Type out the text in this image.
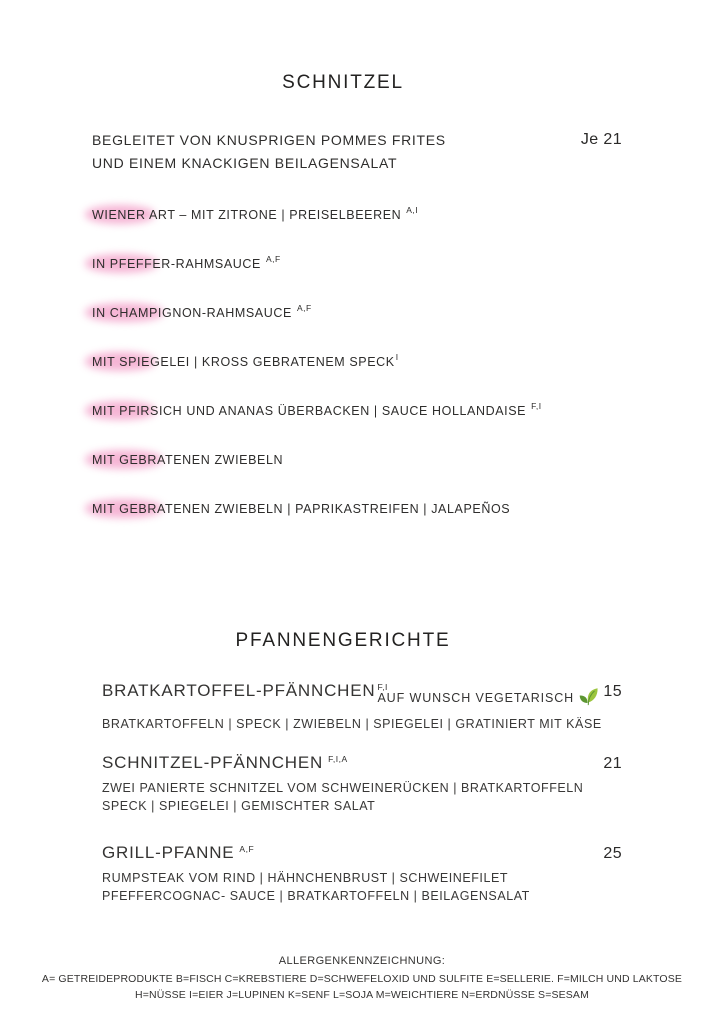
SCHNITZEL
BEGLEITET VON KNUSPRIGEN POMMES FRITES
UND EINEM KNACKIGEN BEILAGENSALAT
Je 21
WIENER ART – MIT ZITRONE | PREISELBEEREN A,I
IN PFEFFER-RAHMSAUCE A,F
IN CHAMPIGNON-RAHMSAUCE A,F
MIT SPIEGELEI | KROSS GEBRATENEM SPECKI
MIT PFIRSICH UND ANANAS ÜBERBACKEN | SAUCE HOLLANDAISE F,I
MIT GEBRATENEN ZWIEBELN
MIT GEBRATENEN ZWIEBELN | PAPRIKASTREIFEN | JALAPEÑOS
PFANNENGERICHTE
BRATKARTOFFEL-PFÄNNCHEN F,I
AUF WUNSCH VEGETARISCH	15
BRATKARTOFFELN | SPECK | ZWIEBELN | SPIEGELEI | GRATINIERT MIT KÄSE
SCHNITZEL-PFÄNNCHEN F,I,A	21
ZWEI PANIERTE SCHNITZEL VOM SCHWEINERÜCKEN | BRATKARTOFFELN
SPECK | SPIEGELEI | GEMISCHTER SALAT
GRILL-PFANNE A,F	25
RUMPSTEAK VOM RIND | HÄHNCHENBRUST | SCHWEINEFILET
PFEFFERCOGNAC- SAUCE | BRATKARTOFFELN | BEILAGENSALAT
ALLERGENKENNZEICHNUNG:
A= GETREIDEPRODUKTE B=FISCH C=KREBSTIERE D=SCHWEFELOXID UND SULFITE E=SELLERIE. F=MILCH UND LAKTOSE
H=NÜSSE I=EIER J=LUPINEN K=SENF L=SOJA M=WEICHTIERE N=ERDNÜSSE S=SESAM
